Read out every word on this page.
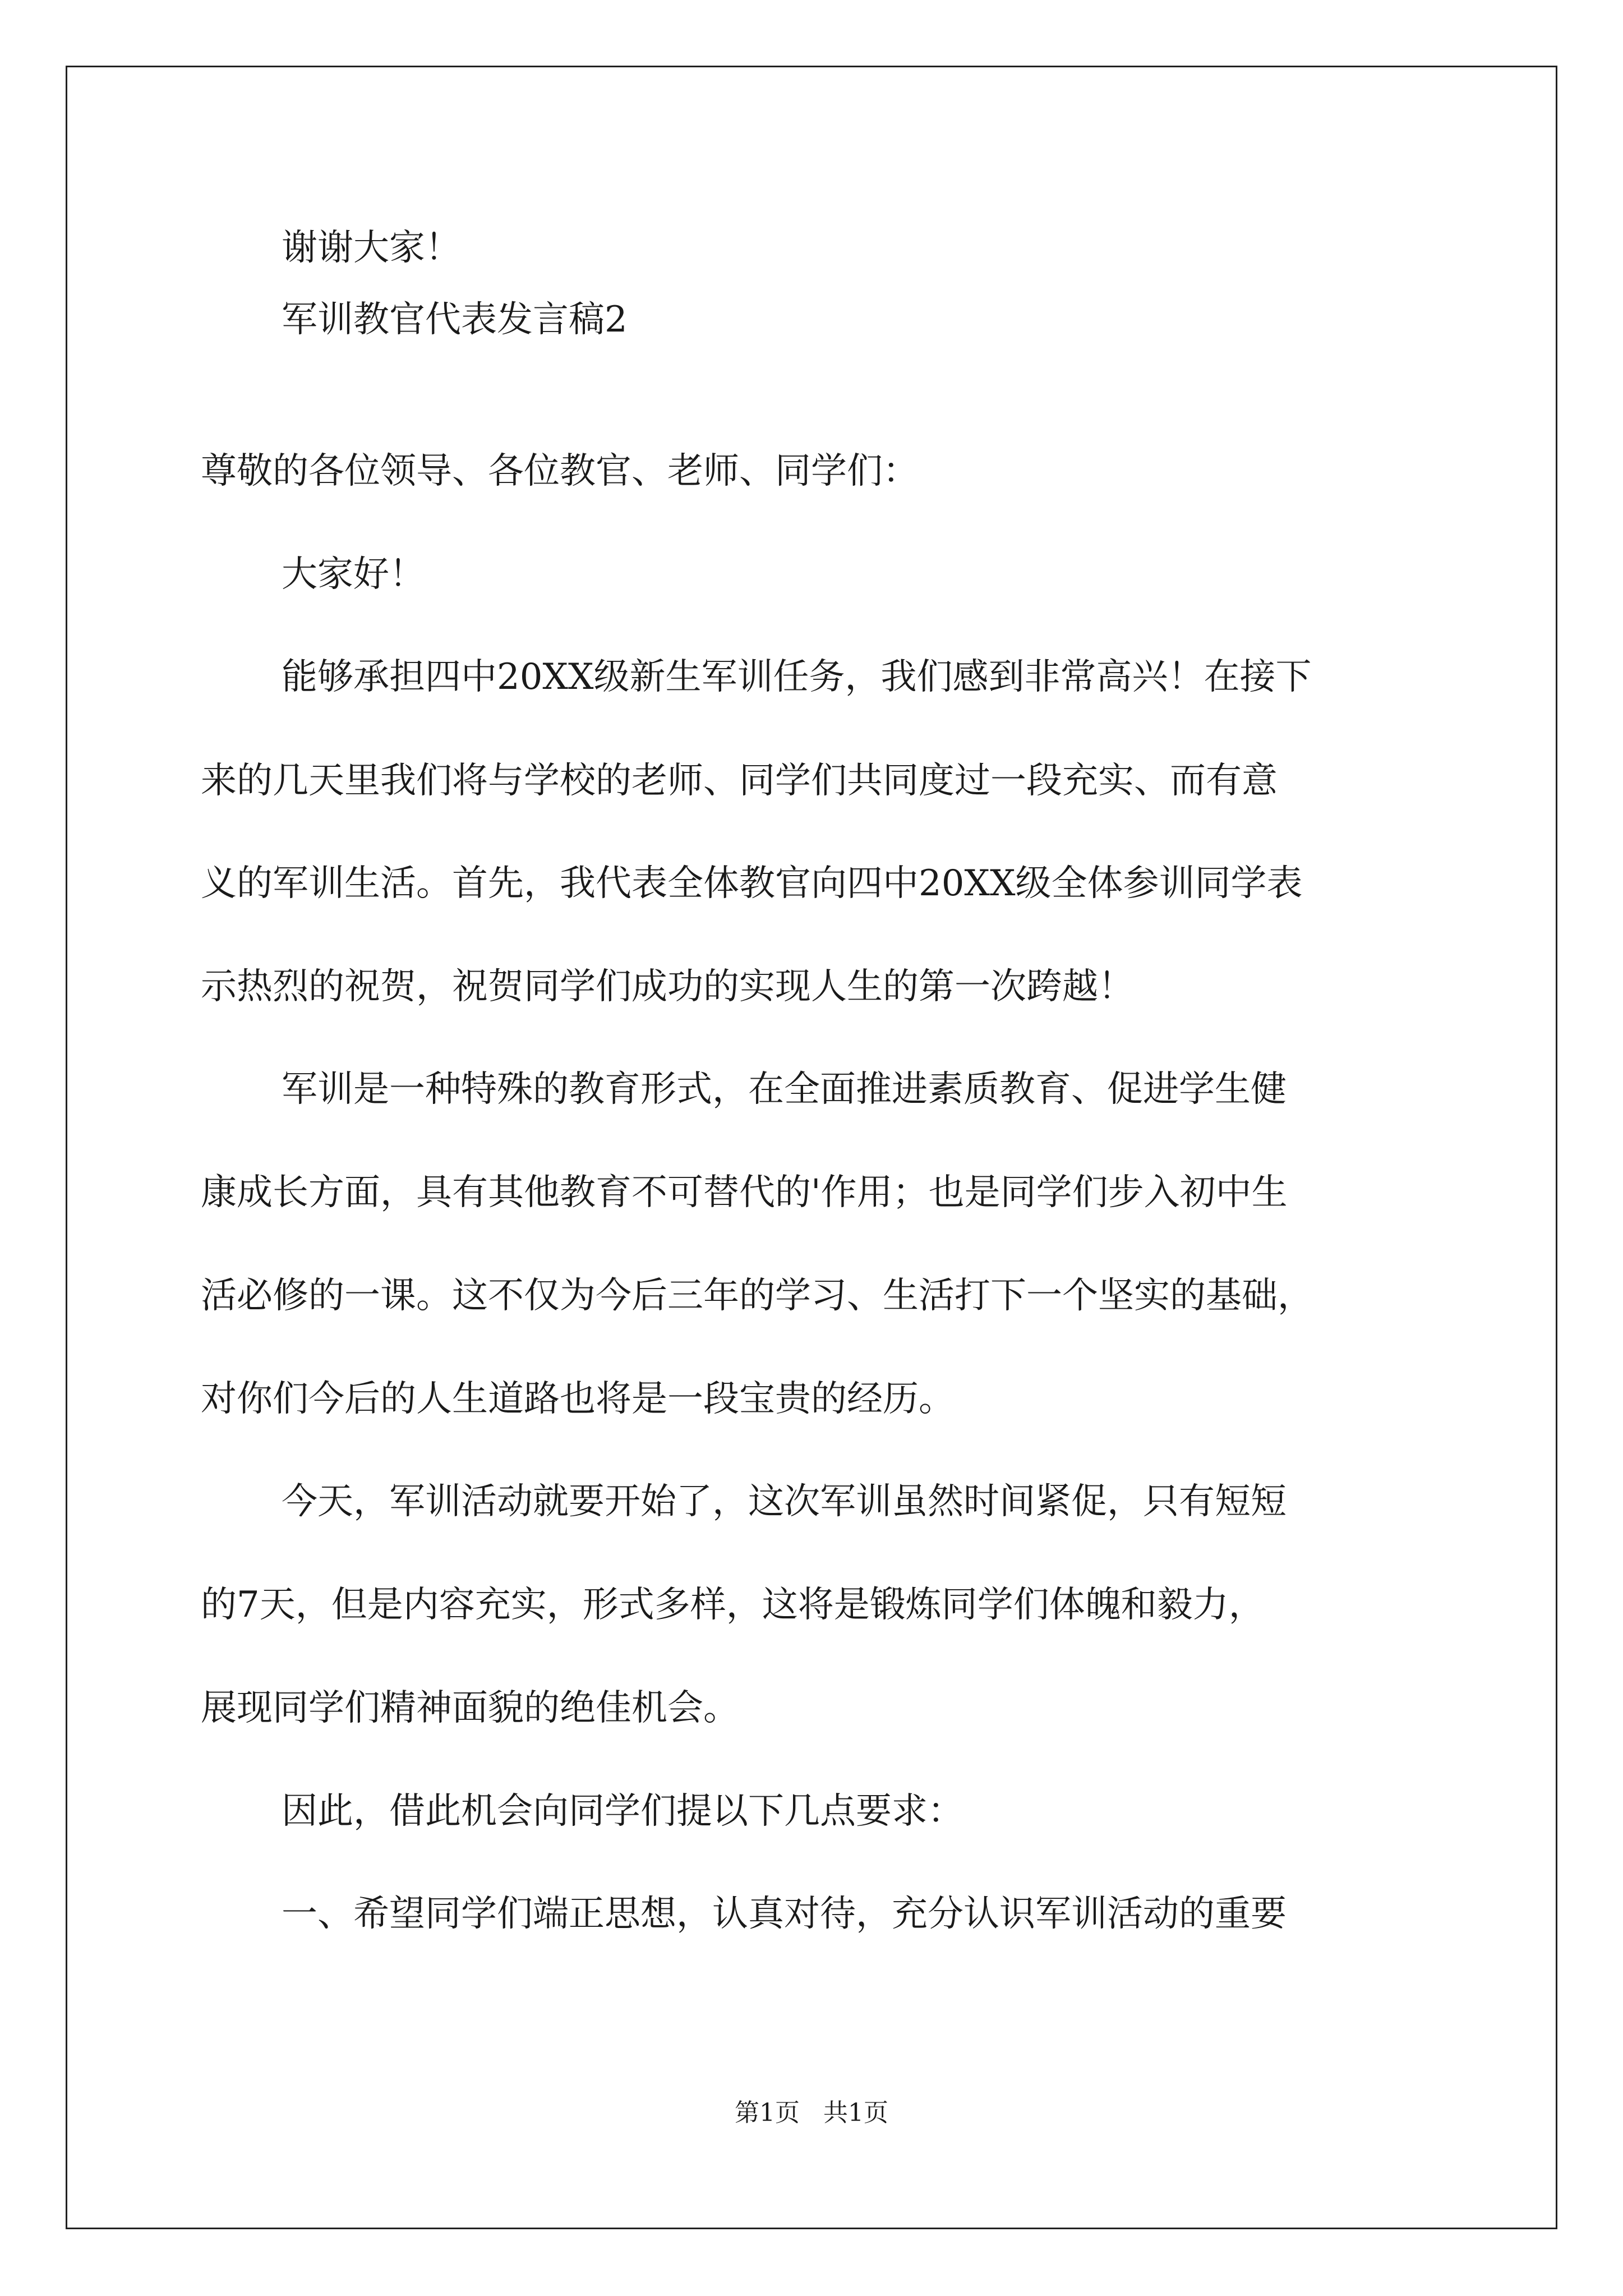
谢谢大家！
军训教官代表发言稿2
尊敬的各位领导、各位教官、老师、同学们：
大家好！
能够承担四中20XX级新生军训任务，我们感到非常高兴！在接下
来的几天里我们将与学校的老师、同学们共同度过一段充实、而有意
义的军训生活。首先，我代表全体教官向四中20XX级全体参训同学表
示热烈的祝贺，祝贺同学们成功的实现人生的第一次跨越！
军训是一种特殊的教育形式，在全面推进素质教育、促进学生健
康成长方面，具有其他教育不可替代的'作用；也是同学们步入初中生
活必修的一课。这不仅为今后三年的学习、生活打下一个坚实的基础，
对你们今后的人生道路也将是一段宝贵的经历。
今天，军训活动就要开始了，这次军训虽然时间紧促，只有短短
的7天，但是内容充实，形式多样，这将是锻炼同学们体魄和毅力，
展现同学们精神面貌的绝佳机会。
因此，借此机会向同学们提以下几点要求：
一、希望同学们端正思想，认真对待，充分认识军训活动的重要
第1页   共1页
